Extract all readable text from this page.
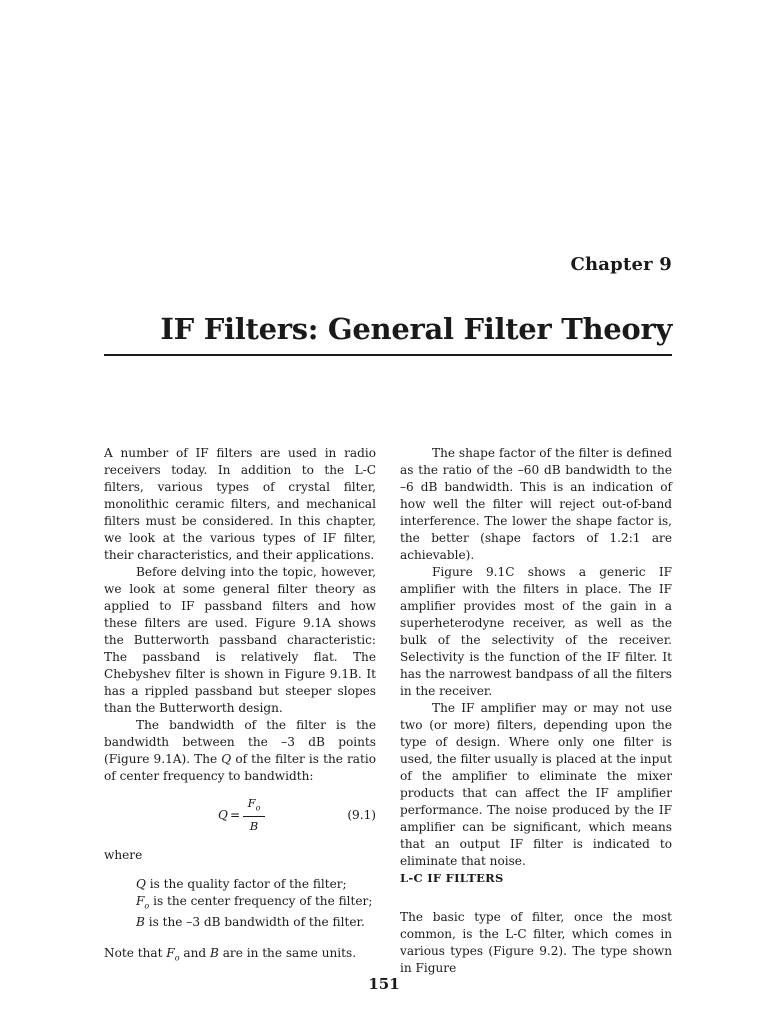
Chapter 9
IF Filters: General Filter Theory

A number of IF filters are used in radio receivers today. In addition to the L-C filters, various types of crystal filter, monolithic ceramic filters, and mechanical filters must be considered. In this chapter, we look at the various types of IF filter, their characteristics, and their applications.

Before delving into the topic, however, we look at some general filter theory as applied to IF passband filters and how these filters are used. Figure 9.1A shows the Butterworth passband characteristic: The passband is relatively flat. The Chebyshev filter is shown in Figure 9.1B. It has a rippled passband but steeper slopes than the Butterworth design.

The bandwidth of the filter is the bandwidth between the –3 dB points (Figure 9.1A). The Q of the filter is the ratio of center frequency to bandwidth:

Q =
$F_o$
B
(9.1)

where

Q is the quality factor of the filter;
$F_o$ is the center frequency of the filter;
B is the –3 dB bandwidth of the filter.

Note that $F_o$ and B are in the same units.

The shape factor of the filter is defined as the ratio of the –60 dB bandwidth to the –6 dB bandwidth. This is an indication of how well the filter will reject out-of-band interference. The lower the shape factor is, the better (shape factors of 1.2:1 are achievable).

Figure 9.1C shows a generic IF amplifier with the filters in place. The IF amplifier provides most of the gain in a superheterodyne receiver, as well as the bulk of the selectivity of the receiver. Selectivity is the function of the IF filter. It has the narrowest bandpass of all the filters in the receiver.

The IF amplifier may or may not use two (or more) filters, depending upon the type of design. Where only one filter is used, the filter usually is placed at the input of the amplifier to eliminate the mixer products that can affect the IF amplifier performance. The noise produced by the IF amplifier can be significant, which means that an output IF filter is indicated to eliminate that noise.

L-C IF FILTERS

The basic type of filter, once the most common, is the L-C filter, which comes in various types (Figure 9.2). The type shown in Figure

151
